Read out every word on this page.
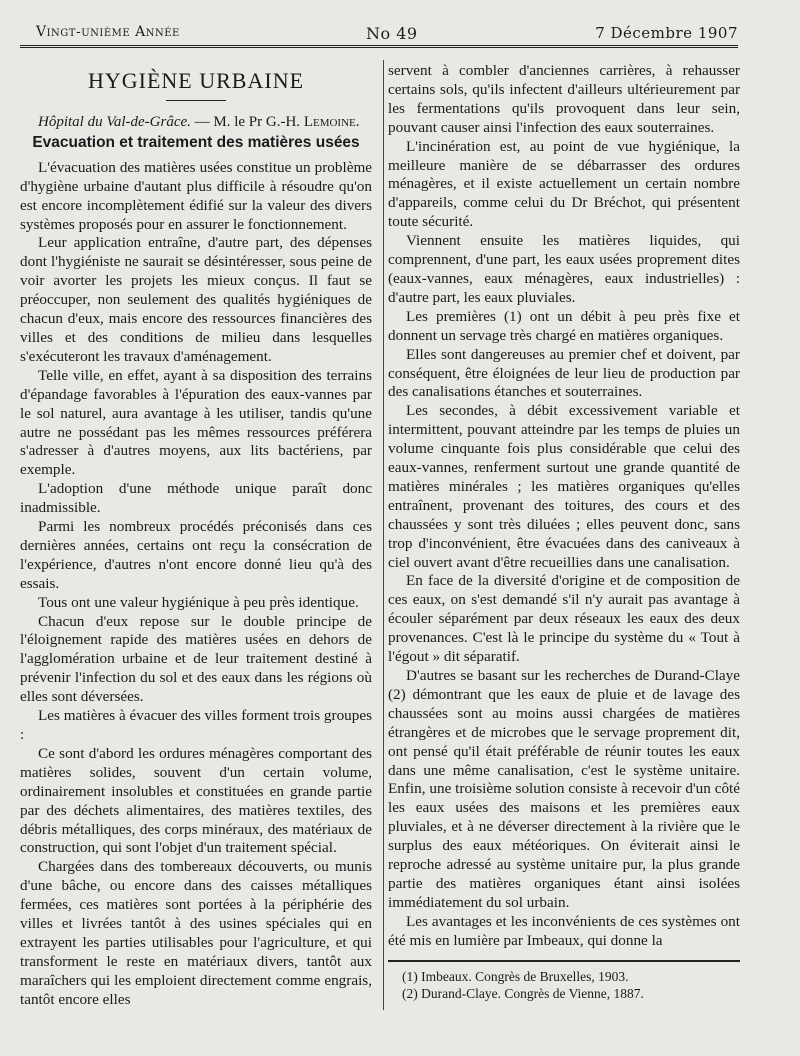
Vingt-unième Année	No 49	7 Décembre 1907
HYGIÈNE URBAINE

Hôpital du Val-de-Grâce. — M. le Pr G.-H. Lemoine.

Evacuation et traitement des matières usées

L'évacuation des matières usées constitue un problème d'hygiène urbaine d'autant plus difficile à résoudre qu'on est encore incomplètement édifié sur la valeur des divers systèmes proposés pour en assurer le fonctionnement.

Leur application entraîne, d'autre part, des dépenses dont l'hygiéniste ne saurait se désintéresser, sous peine de voir avorter les projets les mieux conçus. Il faut se préoccuper, non seulement des qualités hygiéniques de chacun d'eux, mais encore des ressources financières des villes et des conditions de milieu dans lesquelles s'exécuteront les travaux d'aménagement.

Telle ville, en effet, ayant à sa disposition des terrains d'épandage favorables à l'épuration des eaux-vannes par le sol naturel, aura avantage à les utiliser, tandis qu'une autre ne possédant pas les mêmes ressources préférera s'adresser à d'autres moyens, aux lits bactériens, par exemple.

L'adoption d'une méthode unique paraît donc inadmissible.

Parmi les nombreux procédés préconisés dans ces dernières années, certains ont reçu la consécration de l'expérience, d'autres n'ont encore donné lieu qu'à des essais.

Tous ont une valeur hygiénique à peu près identique.

Chacun d'eux repose sur le double principe de l'éloignement rapide des matières usées en dehors de l'agglomération urbaine et de leur traitement destiné à prévenir l'infection du sol et des eaux dans les régions où elles sont déversées.

Les matières à évacuer des villes forment trois groupes :

Ce sont d'abord les ordures ménagères comportant des matières solides, souvent d'un certain volume, ordinairement insolubles et constituées en grande partie par des déchets alimentaires, des matières textiles, des débris métalliques, des corps minéraux, des matériaux de construction, qui sont l'objet d'un traitement spécial.

Chargées dans des tombereaux découverts, ou munis d'une bâche, ou encore dans des caisses métalliques fermées, ces matières sont portées à la périphérie des villes et livrées tantôt à des usines spéciales qui en extrayent les parties utilisables pour l'agriculture, et qui transforment le reste en matériaux divers, tantôt aux maraîchers qui les emploient directement comme engrais, tantôt encore elles

servent à combler d'anciennes carrières, à rehausser certains sols, qu'ils infectent d'ailleurs ultérieurement par les fermentations qu'ils provoquent dans leur sein, pouvant causer ainsi l'infection des eaux souterraines.

L'incinération est, au point de vue hygiénique, la meilleure manière de se débarrasser des ordures ménagères, et il existe actuellement un certain nombre d'appareils, comme celui du Dr Bréchot, qui présentent toute sécurité.

Viennent ensuite les matières liquides, qui comprennent, d'une part, les eaux usées proprement dites (eaux-vannes, eaux ménagères, eaux industrielles) : d'autre part, les eaux pluviales.

Les premières (1) ont un débit à peu près fixe et donnent un servage très chargé en matières organiques.

Elles sont dangereuses au premier chef et doivent, par conséquent, être éloignées de leur lieu de production par des canalisations étanches et souterraines.

Les secondes, à débit excessivement variable et intermittent, pouvant atteindre par les temps de pluies un volume cinquante fois plus considérable que celui des eaux-vannes, renferment surtout une grande quantité de matières minérales ; les matières organiques qu'elles entraînent, provenant des toitures, des cours et des chaussées y sont très diluées ; elles peuvent donc, sans trop d'inconvénient, être évacuées dans des caniveaux à ciel ouvert avant d'être recueillies dans une canalisation.

En face de la diversité d'origine et de composition de ces eaux, on s'est demandé s'il n'y aurait pas avantage à écouler séparément par deux réseaux les eaux des deux provenances. C'est là le principe du système du « Tout à l'égout » dit séparatif.

D'autres se basant sur les recherches de Durand-Claye (2) démontrant que les eaux de pluie et de lavage des chaussées sont au moins aussi chargées de matières étrangères et de microbes que le servage proprement dit, ont pensé qu'il était préférable de réunir toutes les eaux dans une même canalisation, c'est le système unitaire. Enfin, une troisième solution consiste à recevoir d'un côté les eaux usées des maisons et les premières eaux pluviales, et à ne déverser directement à la rivière que le surplus des eaux météoriques. On éviterait ainsi le reproche adressé au système unitaire pur, la plus grande partie des matières organiques étant ainsi isolées immédiatement du sol urbain.

Les avantages et les inconvénients de ces systèmes ont été mis en lumière par Imbeaux, qui donne la

(1) Imbeaux. Congrès de Bruxelles, 1903.
(2) Durand-Claye. Congrès de Vienne, 1887.
